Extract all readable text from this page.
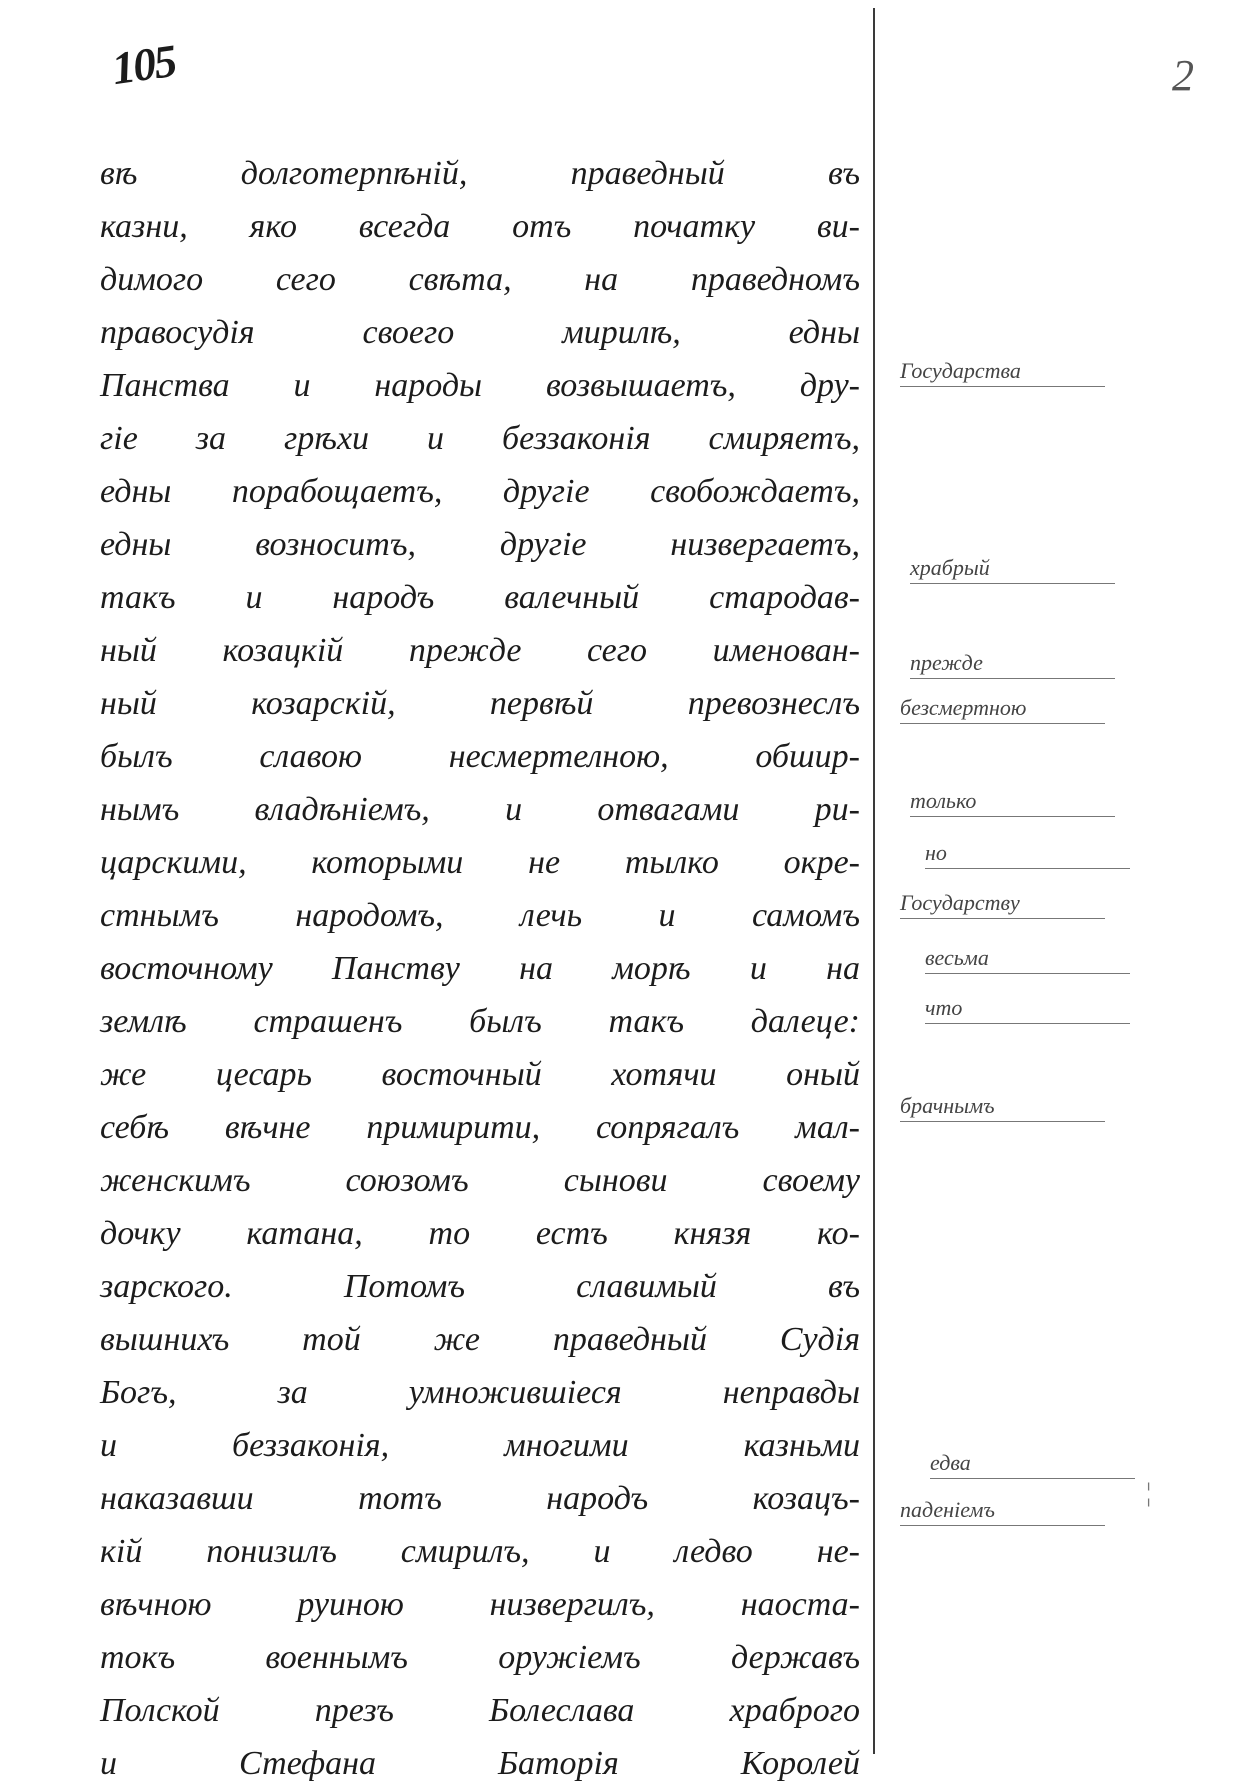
105	2
вѣ долготерпѣній, праведный въ
казни, яко всегда отъ початку ви-
димого сего свѣта, на праведномъ
правосудія своего мирилѣ, едны
Панства и народы возвышаетъ, дру-
гіе за грѣхи и беззаконія смиряетъ,
едны порабощаетъ, другіе свобождаетъ,
едны возноситъ, другіе низвергаетъ,
такъ и народъ валечный стародав-
ный козацкій прежде сего именован-
ный козарскій, первѣй превознеслъ
былъ славою несмертелною, обшир-
нымъ владѣніемъ, и отвагами ри-
царскими, которыми не тылко окре-
стнымъ народомъ, лечь и самомъ
восточному Панству на морѣ и на
землѣ страшенъ былъ такъ далеце:
же цесарь восточный хотячи оный
себѣ вѣчне примирити, сопрягалъ мал-
женскимъ союзомъ сынови своему
дочку катана, то естъ князя ко-
зарского. Потомъ славимый въ
вышнихъ той же праведный Судія
Богъ, за умножившіеся неправды
и беззаконія, многими казньми
наказавши тотъ народъ козацъ-
кій понизилъ смирилъ, и ледво не-
вѣчною руиною низвергилъ, наоста-
токъ военнымъ оружіемъ державъ
Полской презъ Болеслава храброго
и Стефана Баторія Королей

Государства

храбрый

прежде

безсмертною

только

но

Государству

весьма

что

брачнымъ

едва

паденіемъ

¦
